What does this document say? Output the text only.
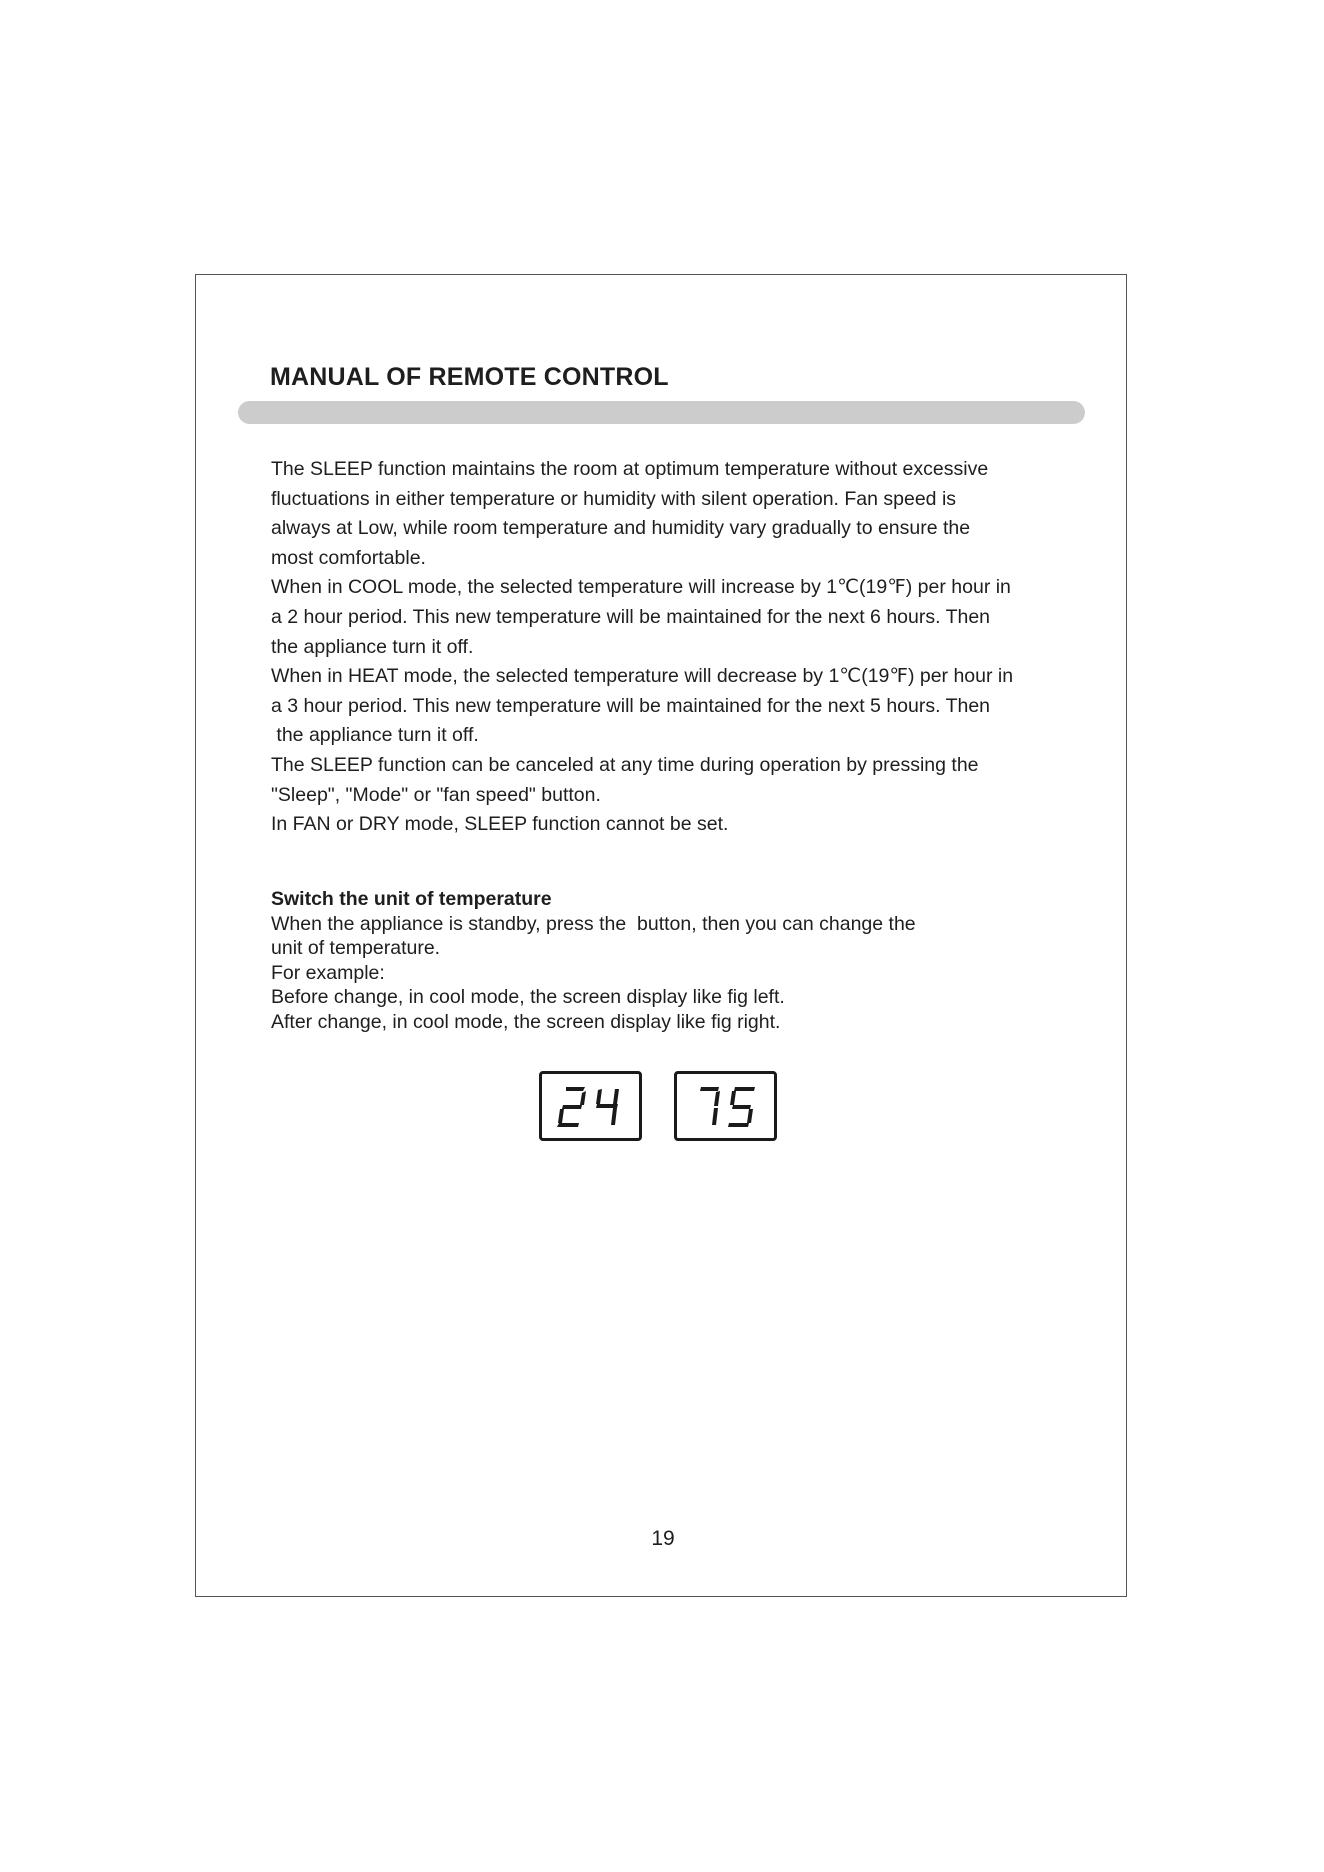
MANUAL OF REMOTE CONTROL
The SLEEP function maintains the room at optimum temperature without excessive
fluctuations in either temperature or humidity with silent operation. Fan speed is
always at Low, while room temperature and humidity vary gradually to ensure the
most comfortable.
When in COOL mode, the selected temperature will increase by 1℃(19℉) per hour in
a 2 hour period. This new temperature will be maintained for the next 6 hours. Then
the appliance turn it off.
When in HEAT mode, the selected temperature will decrease by 1℃(19℉) per hour in
a 3 hour period. This new temperature will be maintained for the next 5 hours. Then
the appliance turn it off.
The SLEEP function can be canceled at any time during operation by pressing the
"Sleep", "Mode" or "fan speed" button.
In FAN or DRY mode, SLEEP function cannot be set.
Switch the unit of temperature
When the appliance is standby, press the  button, then you can change the
unit of temperature.
For example:
Before change, in cool mode, the screen display like fig left.
After change, in cool mode, the screen display like fig right.
19
